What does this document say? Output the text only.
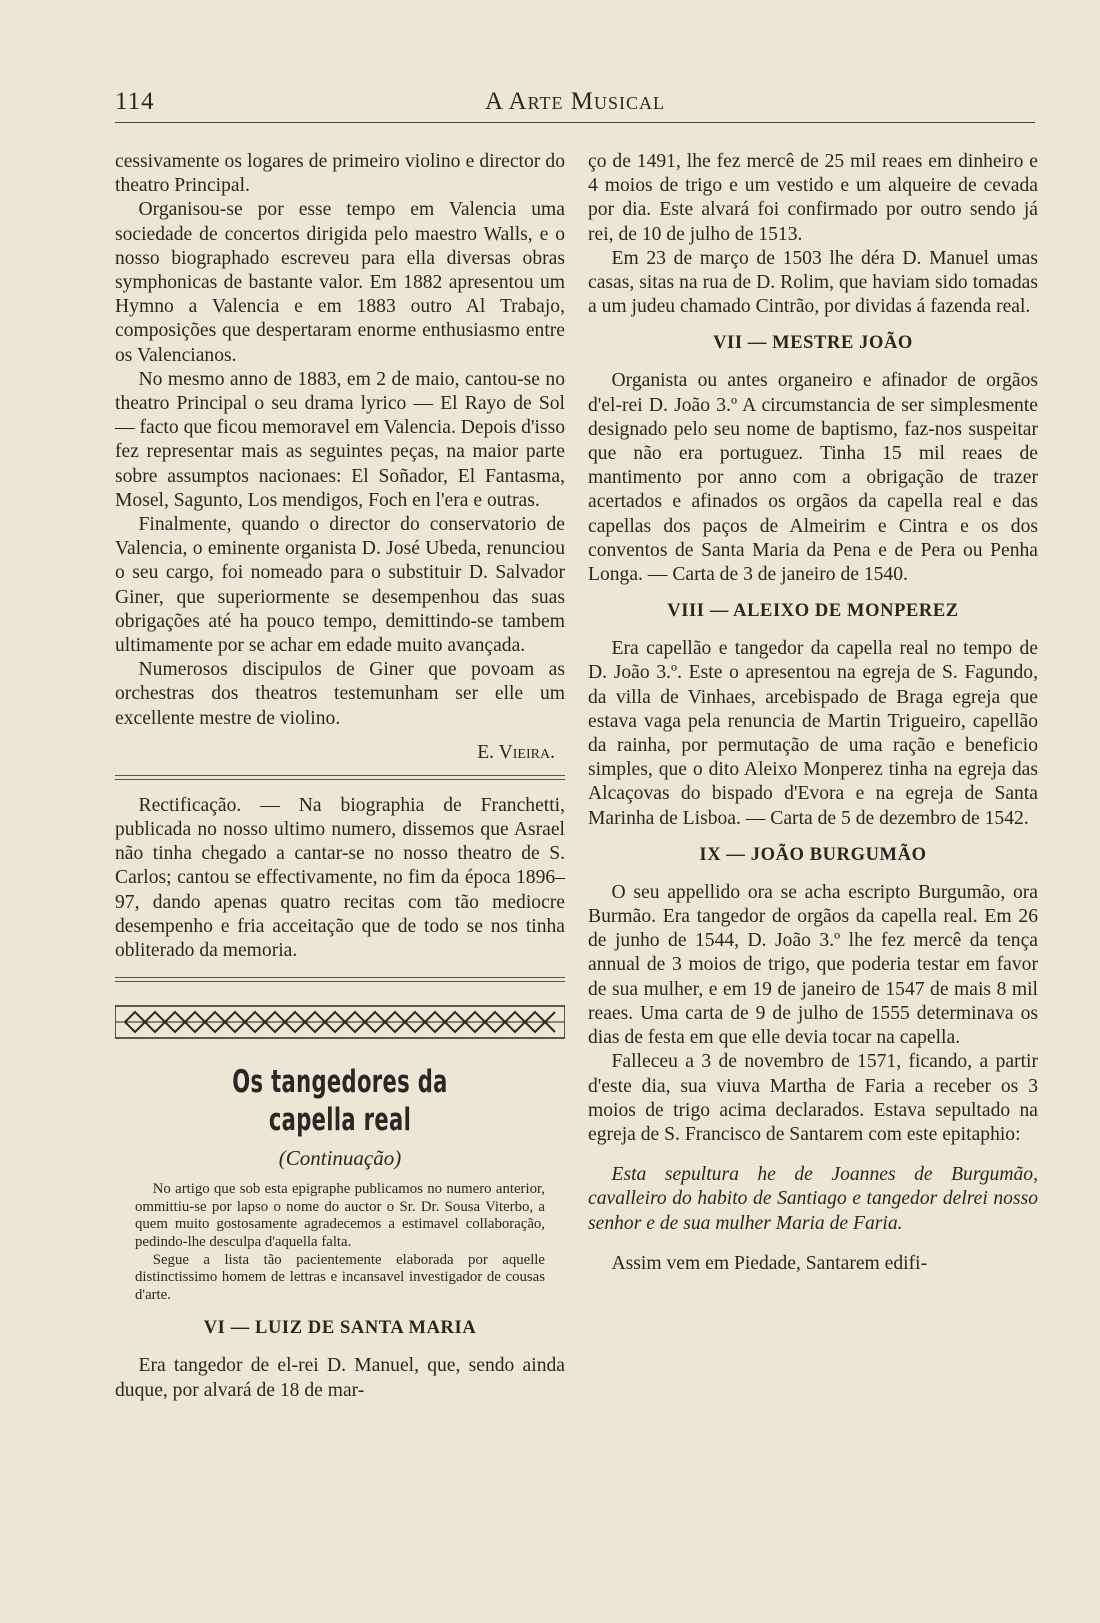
114	A Arte Musical

cessivamente os logares de primeiro violino e director do theatro Principal.

Organisou-se por esse tempo em Valencia uma sociedade de concertos dirigida pelo maestro Walls, e o nosso biographado escreveu para ella diversas obras symphonicas de bastante valor. Em 1882 apresentou um Hymno a Valencia e em 1883 outro Al Trabajo, composições que despertaram enorme enthusiasmo entre os Valencianos.

No mesmo anno de 1883, em 2 de maio, cantou-se no theatro Principal o seu drama lyrico — El Rayo de Sol — facto que ficou memoravel em Valencia. Depois d'isso fez representar mais as seguintes peças, na maior parte sobre assumptos nacionaes: El Soñador, El Fantasma, Mosel, Sagunto, Los mendigos, Foch en l'era e outras.

Finalmente, quando o director do conservatorio de Valencia, o eminente organista D. José Ubeda, renunciou o seu cargo, foi nomeado para o substituir D. Salvador Giner, que superiormente se desempenhou das suas obrigações até ha pouco tempo, demittindo-se tambem ultimamente por se achar em edade muito avançada.

Numerosos discipulos de Giner que povoam as orchestras dos theatros testemunham ser elle um excellente mestre de violino.

E. Vieira.

Rectificação. — Na biographia de Franchetti, publicada no nosso ultimo numero, dissemos que Asrael não tinha chegado a cantar-se no nosso theatro de S. Carlos; cantou se effectivamente, no fim da época 1896–97, dando apenas quatro recitas com tão mediocre desempenho e fria acceitação que de todo se nos tinha obliterado da memoria.

Os tangedores da capella real
(Continuação)

No artigo que sob esta epigraphe publicamos no numero anterior, ommittiu-se por lapso o nome do auctor o Sr. Dr. Sousa Viterbo, a quem muito gostosamente agradecemos a estimavel collaboração, pedindo-lhe desculpa d'aquella falta.

Segue a lista tão pacientemente elaborada por aquelle distinctissimo homem de lettras e incansavel investigador de cousas d'arte.

VI — LUIZ DE SANTA MARIA

Era tangedor de el-rei D. Manuel, que, sendo ainda duque, por alvará de 18 de mar-

ço de 1491, lhe fez mercê de 25 mil reaes em dinheiro e 4 moios de trigo e um vestido e um alqueire de cevada por dia. Este alvará foi confirmado por outro sendo já rei, de 10 de julho de 1513.

Em 23 de março de 1503 lhe déra D. Manuel umas casas, sitas na rua de D. Rolim, que haviam sido tomadas a um judeu chamado Cintrão, por dividas á fazenda real.

VII — MESTRE JOÃO

Organista ou antes organeiro e afinador de orgãos d'el-rei D. João 3.º A circumstancia de ser simplesmente designado pelo seu nome de baptismo, faz-nos suspeitar que não era portuguez. Tinha 15 mil reaes de mantimento por anno com a obrigação de trazer acertados e afinados os orgãos da capella real e das capellas dos paços de Almeirim e Cintra e os dos conventos de Santa Maria da Pena e de Pera ou Penha Longa. — Carta de 3 de janeiro de 1540.

VIII — ALEIXO DE MONPEREZ

Era capellão e tangedor da capella real no tempo de D. João 3.º. Este o apresentou na egreja de S. Fagundo, da villa de Vinhaes, arcebispado de Braga egreja que estava vaga pela renuncia de Martin Trigueiro, capellão da rainha, por permutação de uma ração e beneficio simples, que o dito Aleixo Monperez tinha na egreja das Alcaçovas do bispado d'Evora e na egreja de Santa Marinha de Lisboa. — Carta de 5 de dezembro de 1542.

IX — JOÃO BURGUMÃO

O seu appellido ora se acha escripto Burgumão, ora Burmão. Era tangedor de orgãos da capella real. Em 26 de junho de 1544, D. João 3.º lhe fez mercê da tença annual de 3 moios de trigo, que poderia testar em favor de sua mulher, e em 19 de janeiro de 1547 de mais 8 mil reaes. Uma carta de 9 de julho de 1555 determinava os dias de festa em que elle devia tocar na capella.

Falleceu a 3 de novembro de 1571, ficando, a partir d'este dia, sua viuva Martha de Faria a receber os 3 moios de trigo acima declarados. Estava sepultado na egreja de S. Francisco de Santarem com este epitaphio:

Esta sepultura he de Joannes de Burgumão, cavalleiro do habito de Santiago e tangedor delrei nosso senhor e de sua mulher Maria de Faria.

Assim vem em Piedade, Santarem edifi-
